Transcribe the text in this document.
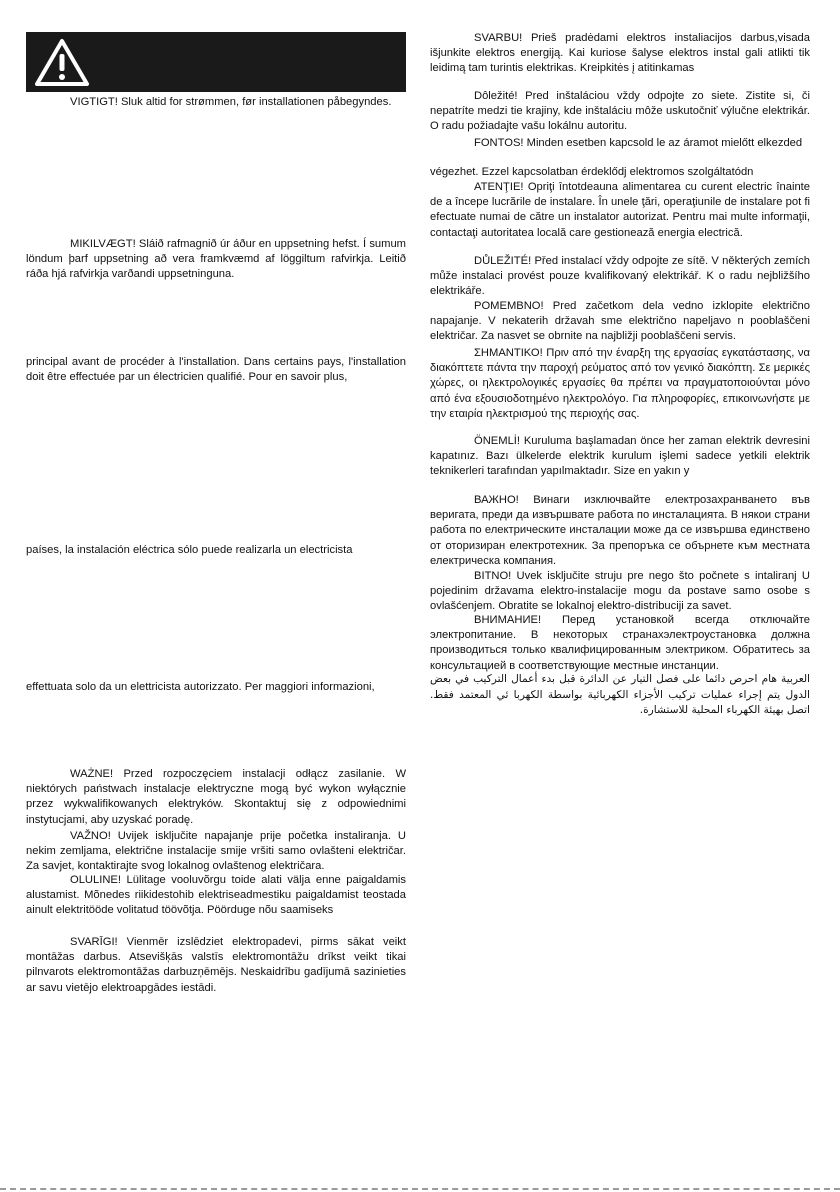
VIGTIGT! Sluk altid for strømmen, før installationen påbegyndes.

MIKILVÆGT! Sláið rafmagnið úr áður en uppsetning hefst. Í sumum löndum þarf uppsetning að vera framkvæmd af löggiltum rafvirkja. Leitið ráða hjá rafvirkja varðandi uppsetninguna.

principal avant de procéder à l'installation. Dans certains pays, l'installation doit être effectuée par un électricien qualifié. Pour en savoir plus,

países, la instalación eléctrica sólo puede realizarla un electricista

effettuata solo da un elettricista autorizzato. Per maggiori informazioni,

WAŻNE! Przed rozpoczęciem instalacji odłącz zasilanie. W niektórych państwach instalacje elektryczne mogą być wykon wyłącznie przez wykwalifikowanych elektryków. Skontaktuj się z odpowiednimi instytucjami, aby uzyskać poradę.

VAŽNO! Uvijek isključite napajanje prije početka instaliranja. U nekim zemljama, električne instalacije smije vršiti samo ovlašteni električar. Za savjet, kontaktirajte svog lokalnog ovlaštenog električara.

OLULINE! Lülitage vooluvõrgu toide alati välja enne paigaldamis alustamist. Mõnedes riikidestohib elektriseadmestiku paigaldamist teostada ainult elektritööde volitatud töövõtja. Pöörduge nõu saamiseks

SVARĪGI! Vienmēr izslēdziet elektropadevi, pirms sākat veikt montāžas darbus. Atsevišķās valstīs elektromontāžu drīkst veikt tikai pilnvarots elektromontāžas darbuzņēmējs. Neskaidrību gadījumā sazinieties ar savu vietējo elektroapgādes iestādi.

SVARBU! Prieš pradėdami elektros instaliacijos darbus,visada išjunkite elektros energiją. Kai kuriose šalyse elektros instal gali atlikti tik leidimą tam turintis elektrikas. Kreipkitės į atitinkamas

Dôležité! Pred inštaláciou vždy odpojte zo siete. Zistite si, či nepatríte medzi tie krajiny, kde inštaláciu môže uskutočniť výlučne elektrikár. O radu požiadajte vašu lokálnu autoritu.

FONTOS! Minden esetben kapcsold le az áramot mielőtt elkezded

végezhet. Ezzel kapcsolatban érdeklődj elektromos szolgáltatódn

ATENŢIE! Opriţi întotdeauna alimentarea cu curent electric înainte de a începe lucrările de instalare. În unele ţări, operaţiunile de instalare pot fi efectuate numai de către un instalator autorizat. Pentru mai multe informaţii, contactaţi autoritatea locală care gestionează energia electrică.

DŮLEŽITÉ! Před instalací vždy odpojte ze sítě. V některých zemích může instalaci provést pouze kvalifikovaný elektrikář. K o radu nejbližšího elektrikáře.

POMEMBNO! Pred začetkom dela vedno izklopite električno napajanje. V nekaterih državah sme električno napeljavo n pooblaščeni električar. Za nasvet se obrnite na najbližji pooblaščeni servis.

ΣΗΜΑΝΤΙΚΟ! Πριν από την έναρξη της εργασίας εγκατάστασης, να διακόπτετε πάντα την παροχή ρεύματος από τον γενικό διακόπτη. Σε μερικές χώρες, οι ηλεκτρολογικές εργασίες θα πρέπει να πραγματοποιούνται μόνο από ένα εξουσιοδοτημένο ηλεκτρολόγο. Για πληροφορίες, επικοινωνήστε με την εταιρία ηλεκτρισμού της περιοχής σας.

ÖNEMLİ! Kuruluma başlamadan önce her zaman elektrik devresini kapatınız. Bazı ülkelerde elektrik kurulum işlemi sadece yetkili elektrik teknikerleri tarafından yapılmaktadır. Size en yakın y

ВАЖНО! Винаги изключвайте електрозахранването във веригата, преди да извършвате работа по инсталацията. В някои страни работа по електрическите инсталации може да се извършва единствено от оторизиран електротехник. За препоръка се обърнете към местната електрическа компания.

BITNO! Uvek isključite struju pre nego što počnete s intaliranj U pojedinim državama elektro-instalacije mogu da postave samo osobe s ovlašćenjem. Obratite se lokalnoj elektro-distribuciji za savet.

ВНИМАНИЕ! Перед установкой всегда отключайте электропитание. В некоторых странахэлектроустановка должна производиться только квалифицированным электриком. Обратитесь за консультацией в соответствующие местные инстанции.

العربية هام احرص دائما على فصل التيار عن الدائرة قبل بدء أعمال التركيب في بعض الدول يتم إجراء عمليات تركيب الأجزاء الكهربائية بواسطة الكهربا ئي المعتمد فقط. اتصل بهيئة الكهرباء المحلية للاستشارة.
